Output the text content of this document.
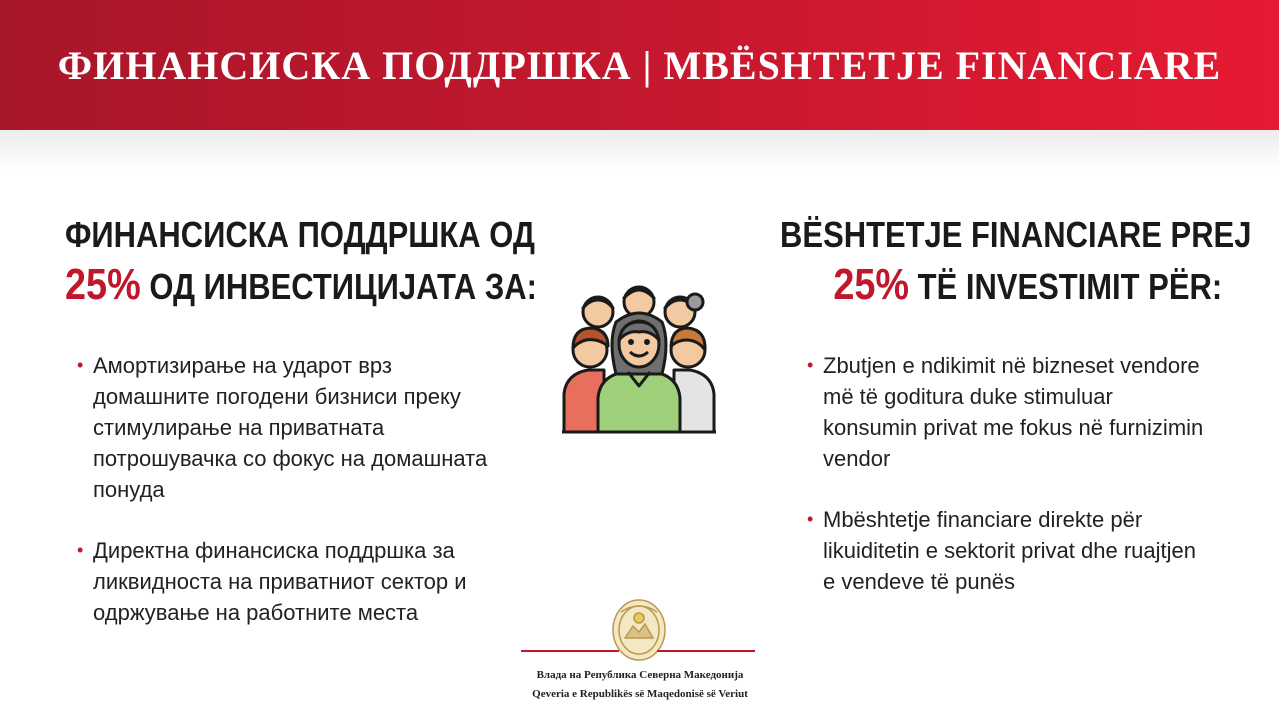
ФИНАНСИСКА ПОДДРШКА | MBЁSHTETJE FINANCIARE
ФИНАНСИСКА ПОДДРШКА ОД
25% ОД ИНВЕСТИЦИЈАТА ЗА:
BЁSHTETJE FINANCIARE PREJ
25% TË INVESTIMIT PËR:
• Амортизирање на ударот врз домашните погодени бизниси преку стимулирање на приватната потрошувачка со фокус на домашната понуда
• Директна финансиска поддршка за ликвидноста на приватниот сектор и одржување на работните места
• Zbutjen e ndikimit në bizneset vendore më të goditura duke stimuluar konsumin privat me fokus në furnizimin vendor
• Mbështetje financiare direkte për likuiditetin e sektorit privat dhe ruajtjen e vendeve të punës
Влада на Република Северна Македонија
Qeveria e Republikës së Maqedonisë së Veriut
